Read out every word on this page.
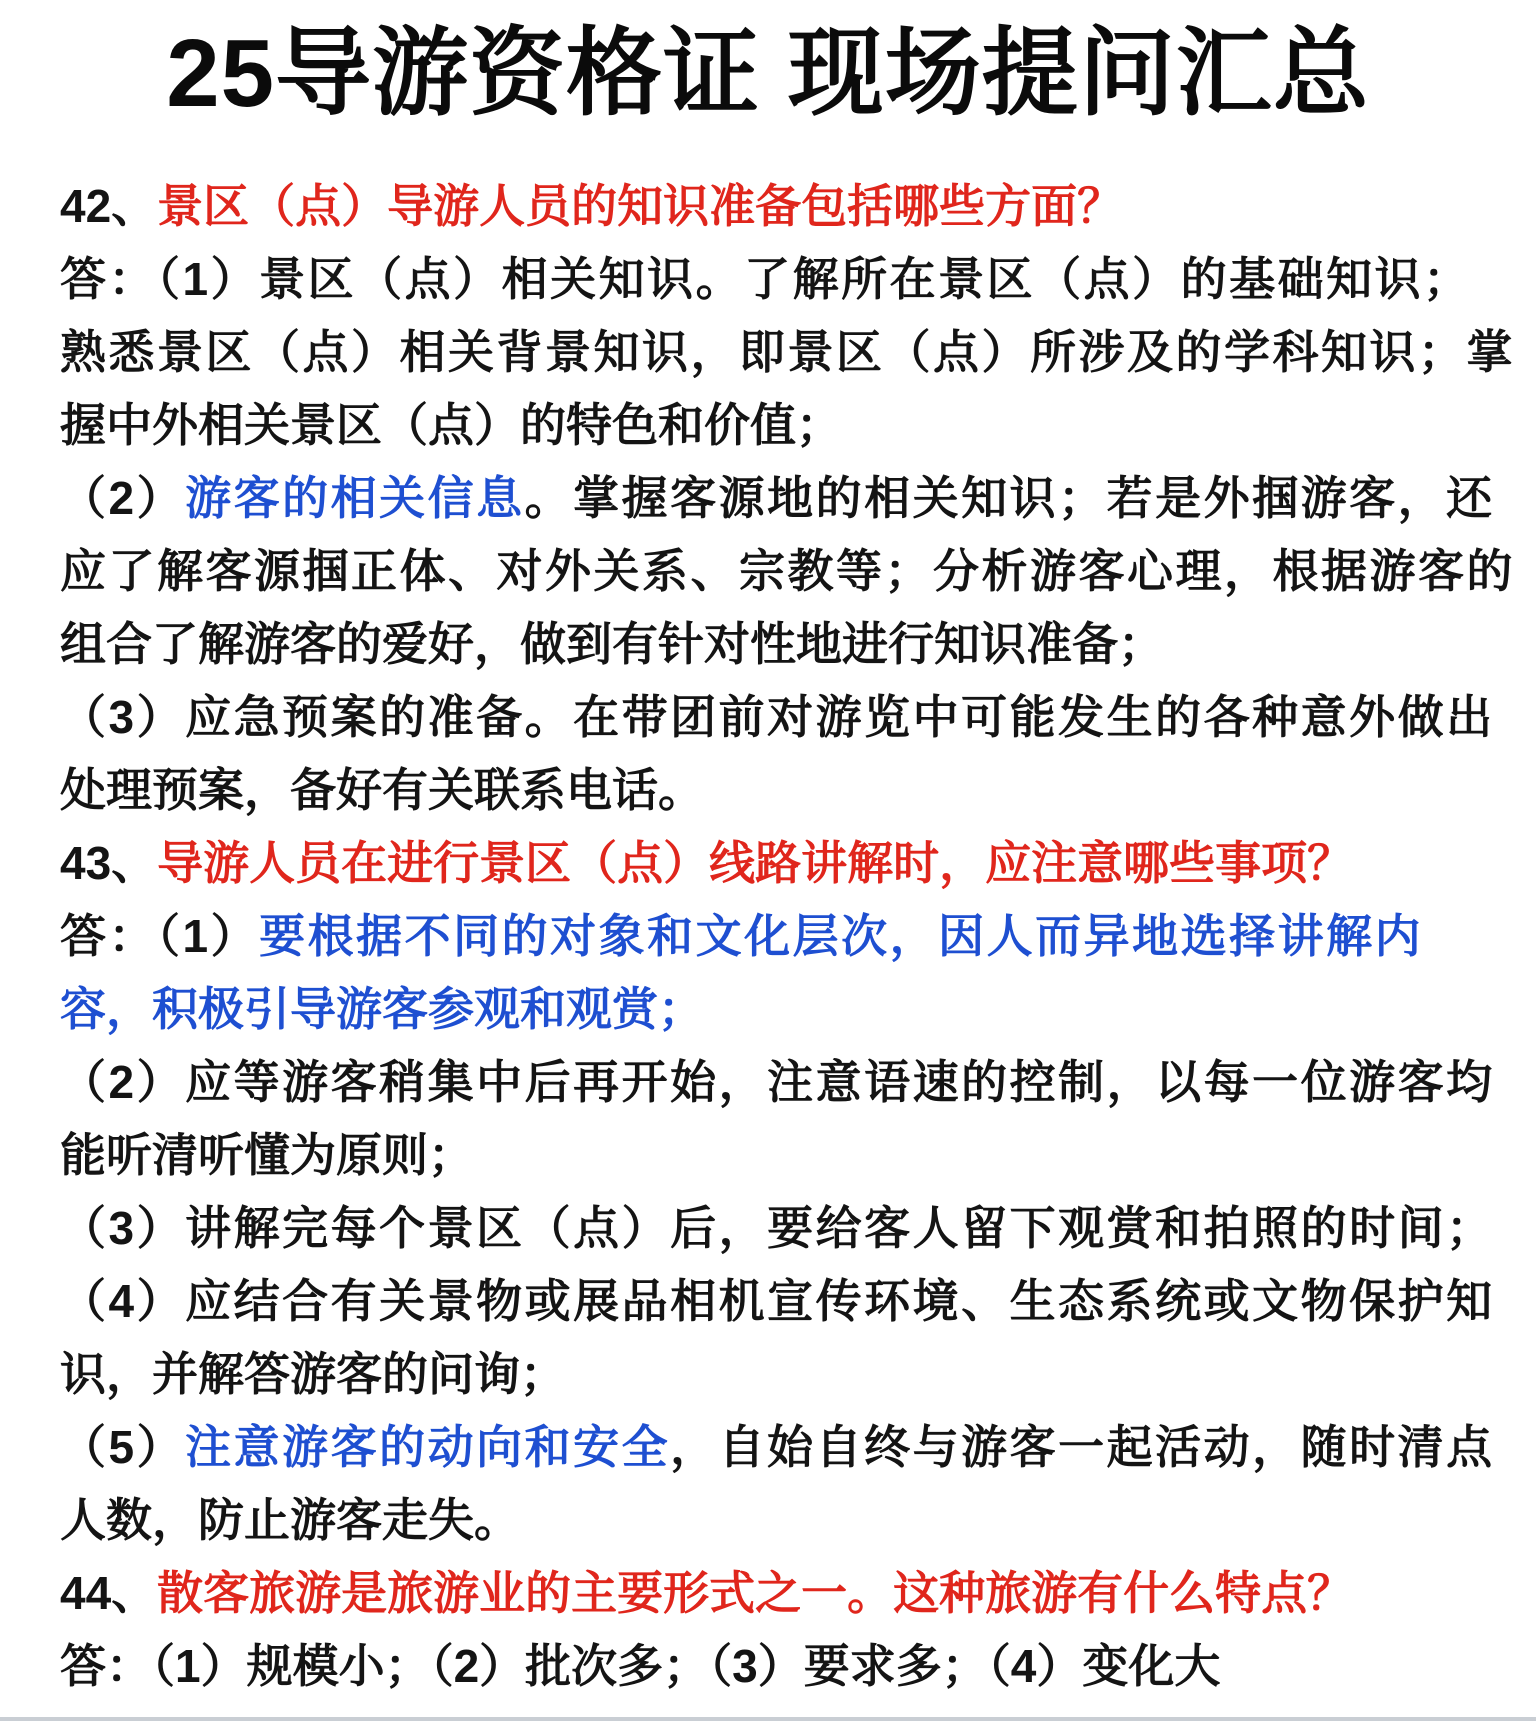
25导游资格证 现场提问汇总
42、景区（点）导游人员的知识准备包括哪些方面？
答：（1）景区（点）相关知识。了解所在景区（点）的基础知识；
熟悉景区（点）相关背景知识，即景区（点）所涉及的学科知识；掌
握中外相关景区（点）的特色和价值；
（2）游客的相关信息。掌握客源地的相关知识；若是外掴游客，还
应了解客源掴正体、对外关系、宗教等；分析游客心理，根据游客的
组合了解游客的爱好，做到有针对性地进行知识准备；
（3）应急预案的准备。在带团前对游览中可能发生的各种意外做出
处理预案，备好有关联系电话。
43、导游人员在进行景区（点）线路讲解时，应注意哪些事项？
答：（1）要根据不同的对象和文化层次，因人而异地选择讲解内
容，积极引导游客参观和观赏；
（2）应等游客稍集中后再开始，注意语速的控制，以每一位游客均
能听清听懂为原则；
（3）讲解完每个景区（点）后，要给客人留下观赏和拍照的时间；
（4）应结合有关景物或展品相机宣传环境、生态系统或文物保护知
识，并解答游客的问询；
（5）注意游客的动向和安全，自始自终与游客一起活动，随时清点
人数，防止游客走失。
44、散客旅游是旅游业的主要形式之一。这种旅游有什么特点？
答：（1）规模小；（2）批次多；（3）要求多；（4）变化大
